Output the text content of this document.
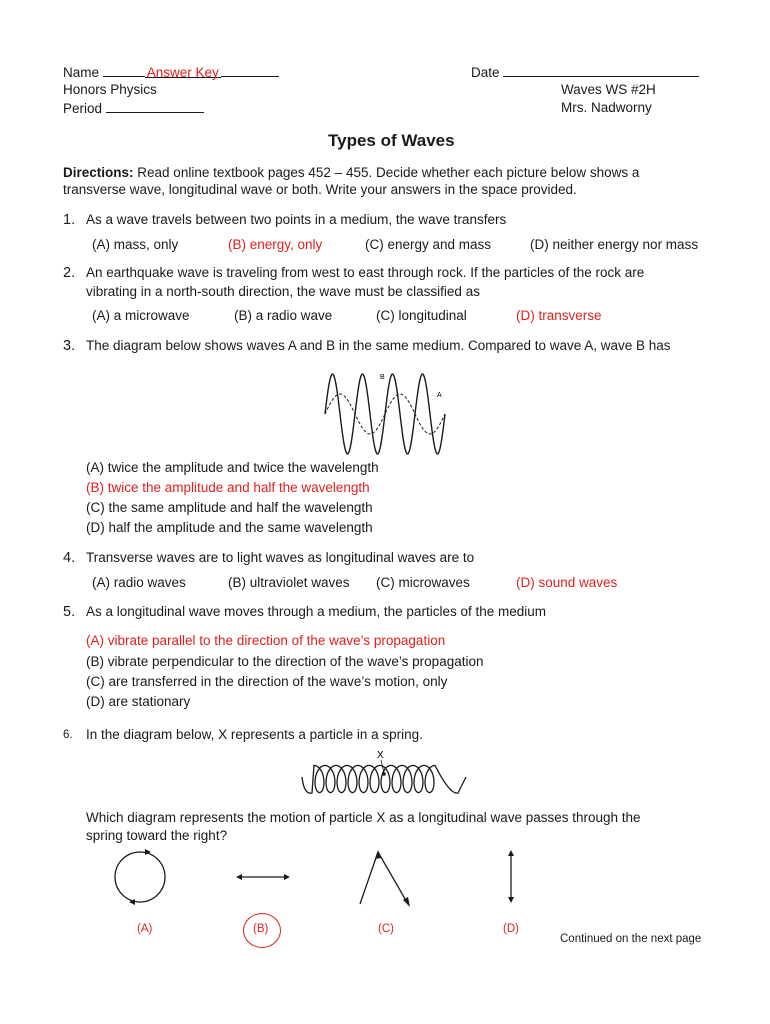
Name	Answer Key	Date
Honors Physics	Waves WS #2H
Period	Mrs. Nadworny
Types of Waves
Directions: Read online textbook pages 452 – 455. Decide whether each picture below shows a
transverse wave, longitudinal wave or both. Write your answers in the space provided.
1. As a wave travels between two points in a medium, the wave transfers
(A) mass, only	(B) energy, only	(C) energy and mass	(D) neither energy nor mass
2. An earthquake wave is traveling from west to east through rock. If the particles of the rock are
vibrating in a north-south direction, the wave must be classified as
(A) a microwave	(B) a radio wave	(C) longitudinal	(D) transverse
3. The diagram below shows waves A and B in the same medium. Compared to wave A, wave B has
B
A
(A) twice the amplitude and twice the wavelength
(B) twice the amplitude and half the wavelength
(C) the same amplitude and half the wavelength
(D) half the amplitude and the same wavelength
4. Transverse waves are to light waves as longitudinal waves are to
(A) radio waves	(B) ultraviolet waves (C) microwaves	(D) sound waves
5. As a longitudinal wave moves through a medium, the particles of the medium
(A) vibrate parallel to the direction of the wave’s propagation
(B) vibrate perpendicular to the direction of the wave’s propagation
(C) are transferred in the direction of the wave’s motion, only
(D) are stationary
6. In the diagram below, X represents a particle in a spring.
X
Which diagram represents the motion of particle X as a longitudinal wave passes through the
spring toward the right?
(A)	(B)	(C)	(D)
Continued on the next page
